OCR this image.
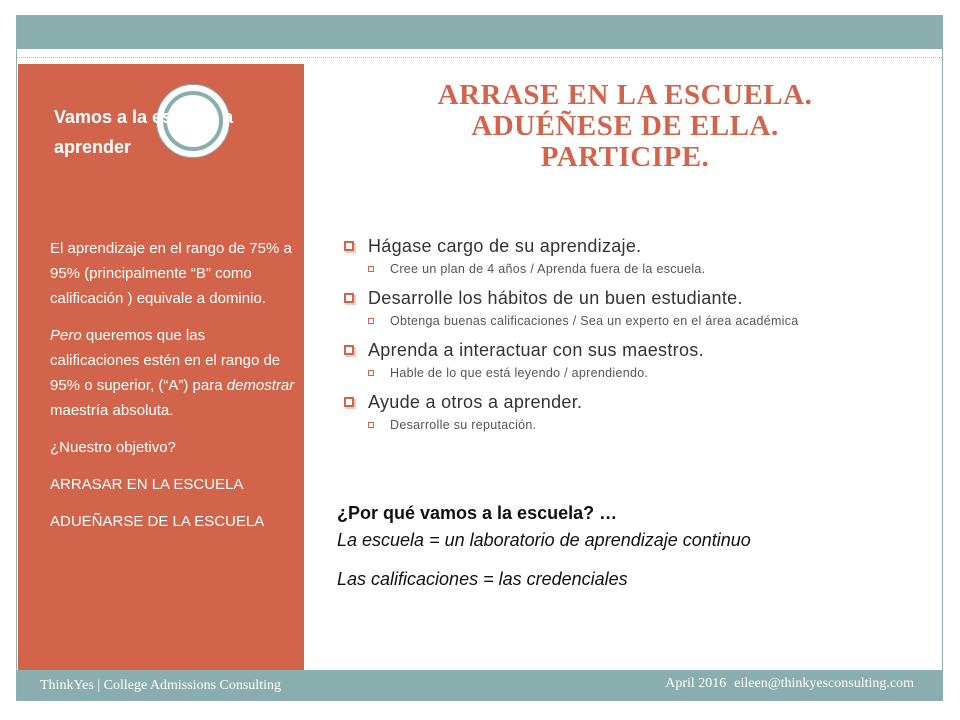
Vamos a la escuela a aprender

El aprendizaje en el rango de 75% a 95% (principalmente “B” como calificación ) equivale a dominio.

Pero queremos que las calificaciones estén en el rango de 95% o superior, (“A”) para demostrar maestría absoluta.

¿Nuestro objetivo?

ARRASAR EN LA ESCUELA

ADUEÑARSE DE LA ESCUELA

ARRASE EN LA ESCUELA.
ADUÉÑESE DE ELLA.
PARTICIPE.
Hágase cargo de su aprendizaje.
Cree un plan de 4 años / Aprenda fuera de la escuela.
Desarrolle los hábitos de un buen estudiante.
Obtenga buenas calificaciones / Sea un experto en el área académica
Aprenda a interactuar con sus maestros.
Hable de lo que está leyendo / aprendiendo.
Ayude a otros a aprender.
Desarrolle su reputación.
¿Por qué vamos a la escuela? …
La escuela = un laboratorio de aprendizaje continuo
Las calificaciones = las credenciales
ThinkYes | College Admissions Consulting	April 2016 eileen@thinkyesconsulting.com
